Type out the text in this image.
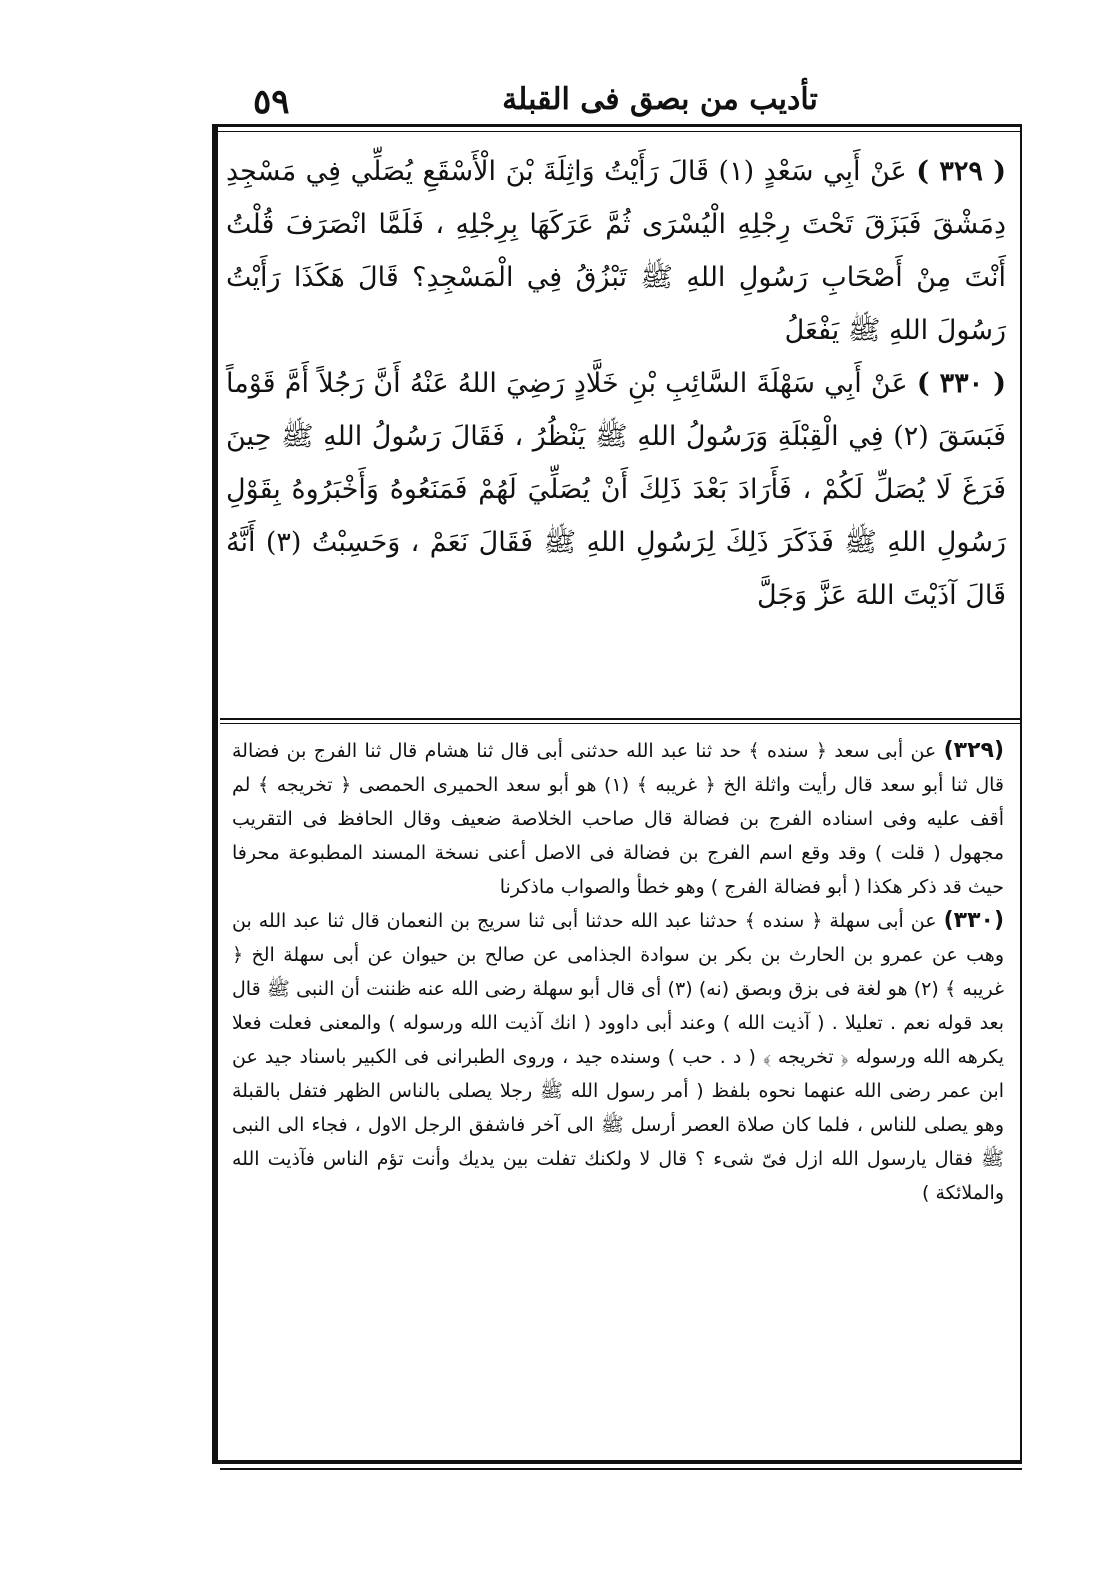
٥٩	تأديب من بصق فى القبلة

( ٣٢٩ ) عَنْ أَبِي سَعْدٍ (١) قَالَ رَأَيْتُ وَاثِلَةَ بْنَ الْأَسْقَعِ يُصَلِّي فِي مَسْجِدِ دِمَشْقَ فَبَزَقَ تَحْتَ رِجْلِهِ الْيُسْرَى ثُمَّ عَرَكَهَا بِرِجْلِهِ ، فَلَمَّا انْصَرَفَ قُلْتُ أَنْتَ مِنْ أَصْحَابِ رَسُولِ اللهِ ﷺ تَبْزُقُ فِي الْمَسْجِدِ؟ قَالَ هَكَذَا رَأَيْتُ رَسُولَ اللهِ ﷺ يَفْعَلُ

( ٣٣٠ ) عَنْ أَبِي سَهْلَةَ السَّائِبِ بْنِ خَلَّادٍ رَضِيَ اللهُ عَنْهُ أَنَّ رَجُلاً أَمَّ قَوْماً فَبَسَقَ (٢) فِي الْقِبْلَةِ وَرَسُولُ اللهِ ﷺ يَنْظُرُ ، فَقَالَ رَسُولُ اللهِ ﷺ حِينَ فَرَغَ لَا يُصَلِّ لَكُمْ ، فَأَرَادَ بَعْدَ ذَلِكَ أَنْ يُصَلِّيَ لَهُمْ فَمَنَعُوهُ وَأَخْبَرُوهُ بِقَوْلِ رَسُولِ اللهِ ﷺ فَذَكَرَ ذَلِكَ لِرَسُولِ اللهِ ﷺ فَقَالَ نَعَمْ ، وَحَسِبْتُ (٣) أَنَّهُ قَالَ آذَيْتَ اللهَ عَزَّ وَجَلَّ

(٣٢٩) عن أبى سعد ﴿ سنده ﴾ حد ثنا عبد الله حدثنى أبى قال ثنا هشام قال ثنا الفرج بن فضالة قال ثنا أبو سعد قال رأيت واثلة الخ ﴿ غريبه ﴾ (١) هو أبو سعد الحميرى الحمصى ﴿ تخريجه ﴾ لم أقف عليه وفى اسناده الفرج بن فضالة قال صاحب الخلاصة ضعيف وقال الحافظ فى التقريب مجهول ( قلت ) وقد وقع اسم الفرج بن فضالة فى الاصل أعنى نسخة المسند المطبوعة محرفا حيث قد ذكر هكذا ( أبو فضالة الفرج ) وهو خطأ والصواب ماذكرنا

(٣٣٠) عن أبى سهلة ﴿ سنده ﴾ حدثنا عبد الله حدثنا أبى ثنا سريج بن النعمان قال ثنا عبد الله بن وهب عن عمرو بن الحارث بن بكر بن سوادة الجذامى عن صالح بن حيوان عن أبى سهلة الخ ﴿ غريبه ﴾ (٢) هو لغة فى بزق وبصق (نه) (٣) أى قال أبو سهلة رضى الله عنه ظننت أن النبى ﷺ قال بعد قوله نعم . تعليلا . ( آذيت الله ) وعند أبى داوود ( انك آذيت الله ورسوله ) والمعنى فعلت فعلا يكرهه الله ورسوله ﴿ تخريجه ﴾ ( د . حب ) وسنده جيد ، وروى الطبرانى فى الكبير باسناد جيد عن ابن عمر رضى الله عنهما نحوه بلفظ ( أمر رسول الله ﷺ رجلا يصلى بالناس الظهر فتفل بالقبلة وهو يصلى للناس ، فلما كان صلاة العصر أرسل ﷺ الى آخر فاشفق الرجل الاول ، فجاء الى النبى ﷺ فقال يارسول الله ازل فىّ شىء ؟ قال لا ولكنك تفلت بين يديك وأنت تؤم الناس فآذيت الله والملائكة )
